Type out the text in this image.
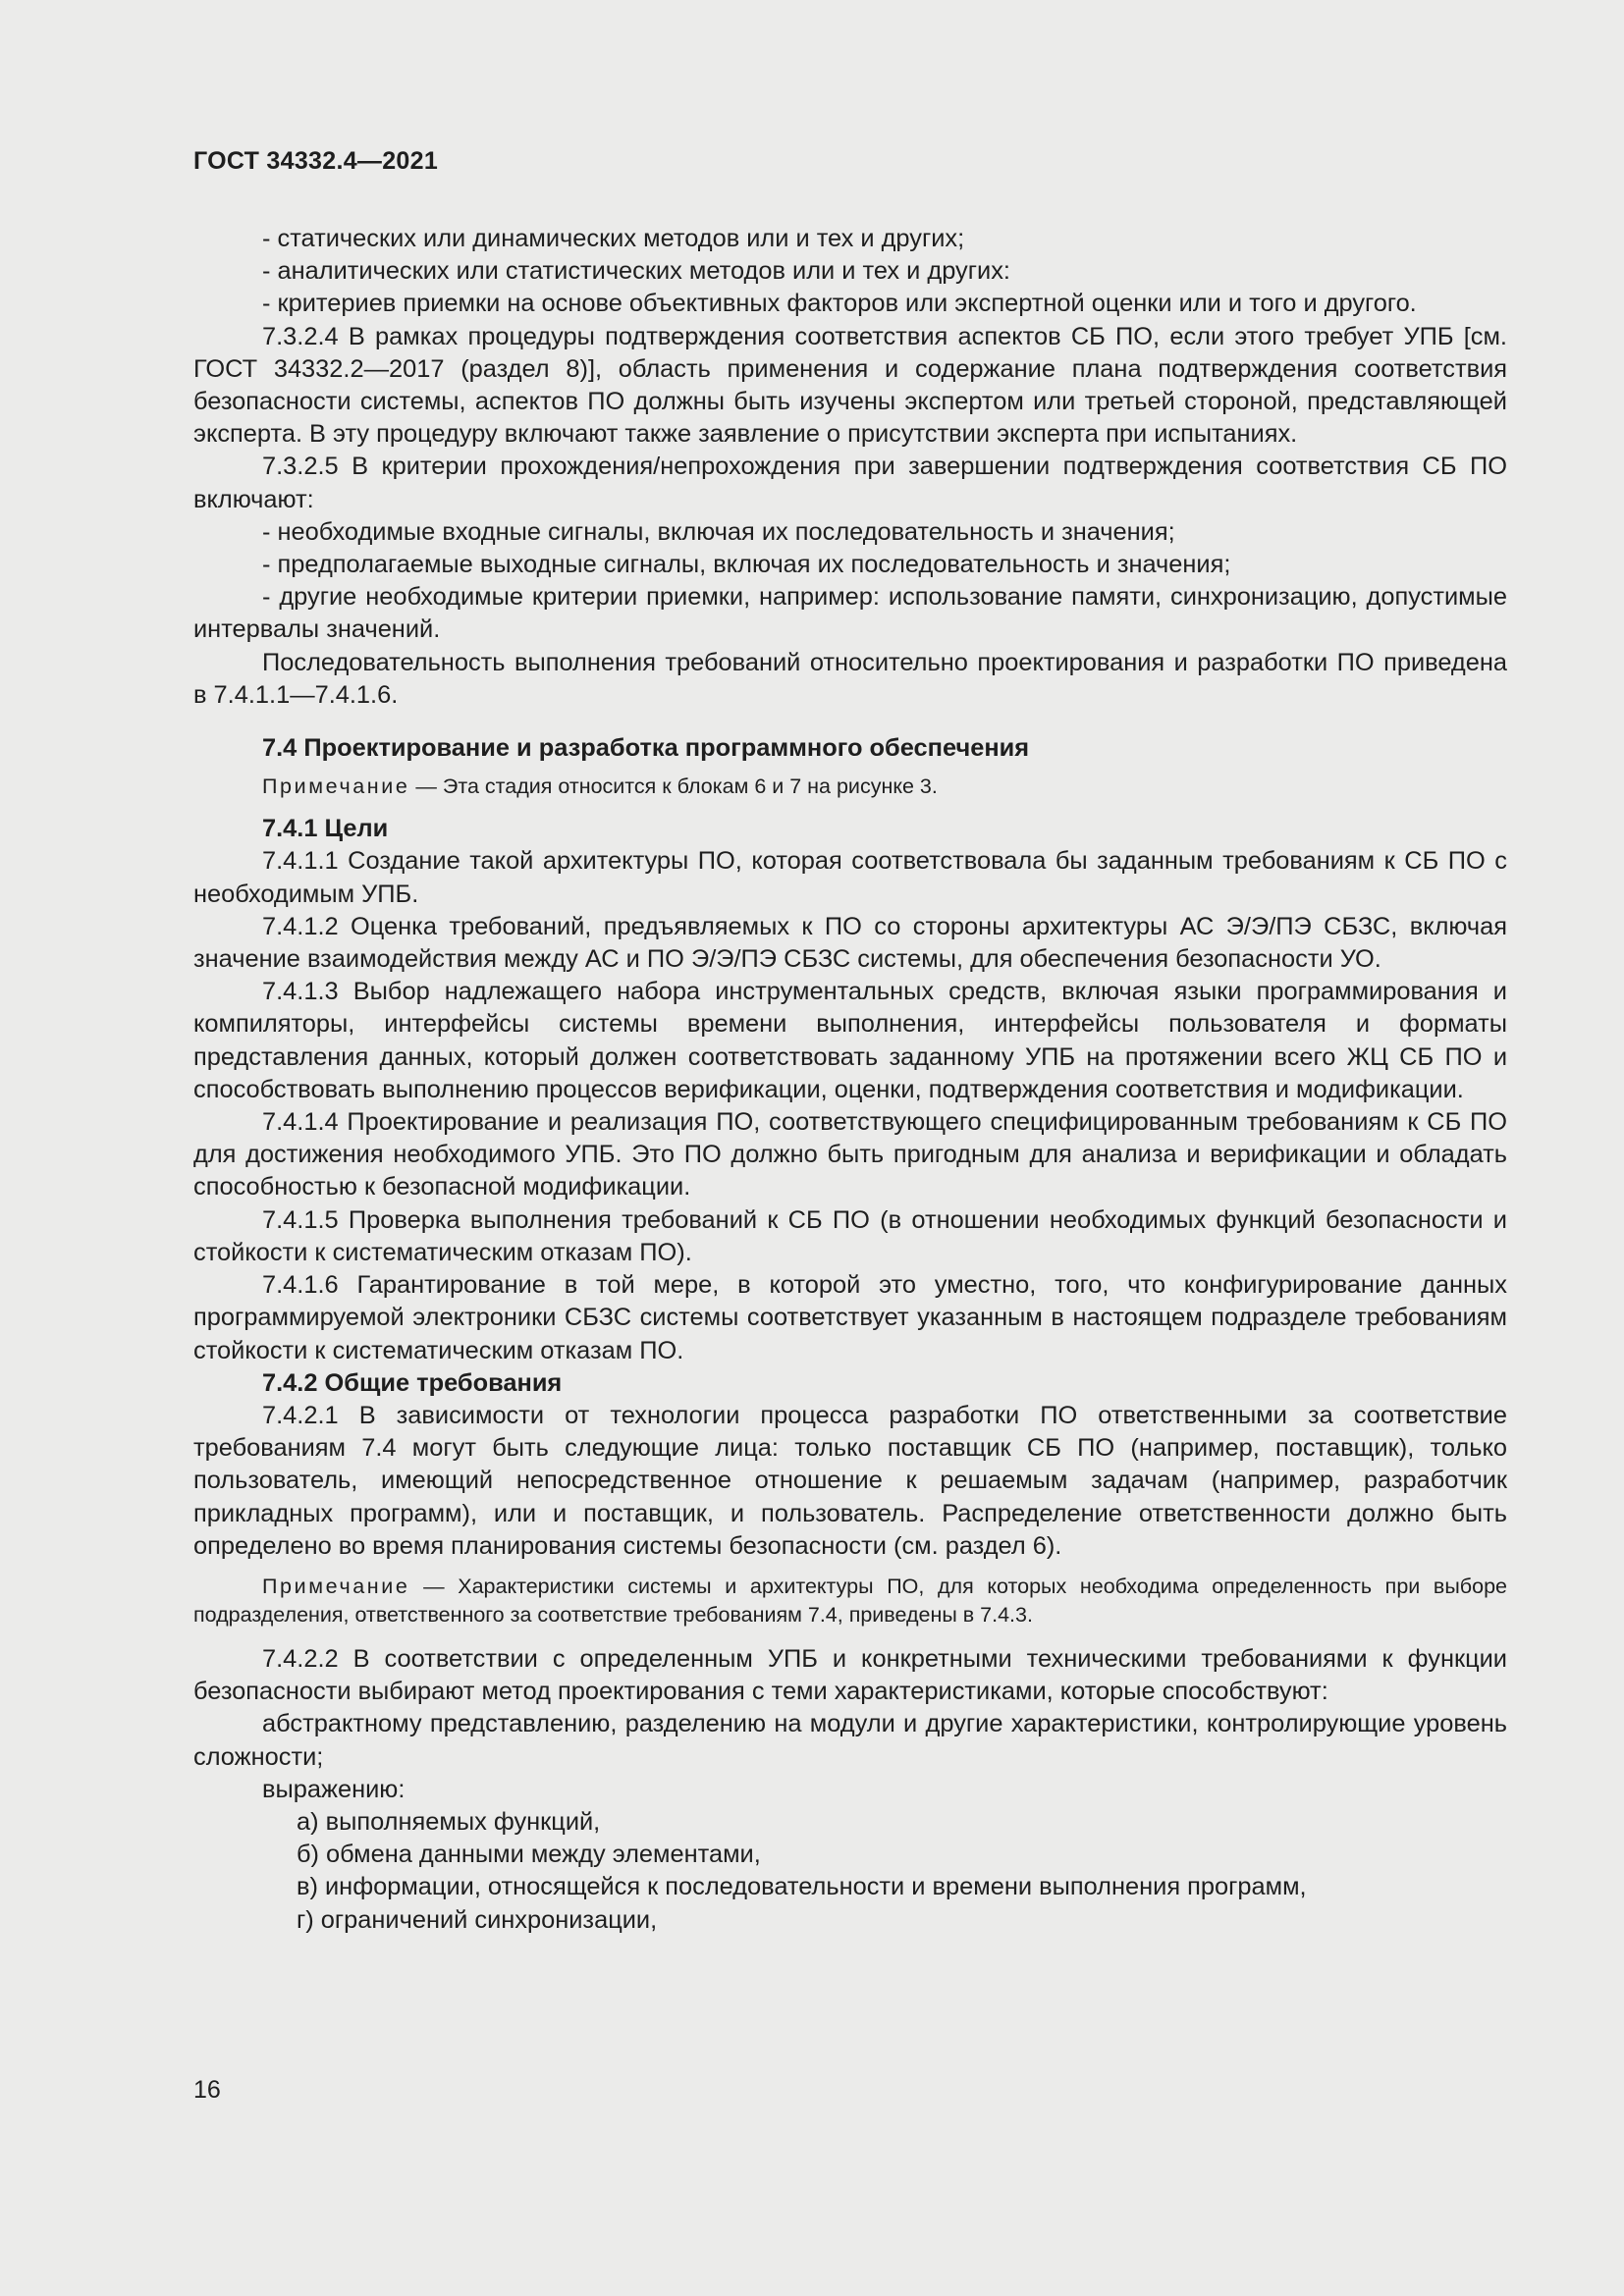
ГОСТ 34332.4—2021

- статических или динамических методов или и тех и других;

- аналитических или статистических методов или и тех и других:

- критериев приемки на основе объективных факторов или экспертной оценки или и того и другого.

7.3.2.4 В рамках процедуры подтверждения соответствия аспектов СБ ПО, если этого требует УПБ [см. ГОСТ 34332.2—2017 (раздел 8)], область применения и содержание плана подтверждения соответствия безопасности системы, аспектов ПО должны быть изучены экспертом или третьей стороной, представляющей эксперта. В эту процедуру включают также заявление о присутствии эксперта при испытаниях.

7.3.2.5 В критерии прохождения/непрохождения при завершении подтверждения соответствия СБ ПО включают:

- необходимые входные сигналы, включая их последовательность и значения;

- предполагаемые выходные сигналы, включая их последовательность и значения;

- другие необходимые критерии приемки, например: использование памяти, синхронизацию, допустимые интервалы значений.

Последовательность выполнения требований относительно проектирования и разработки ПО приведена в 7.4.1.1—7.4.1.6.

7.4 Проектирование и разработка программного обеспечения

Примечание — Эта стадия относится к блокам 6 и 7 на рисунке 3.

7.4.1 Цели

7.4.1.1 Создание такой архитектуры ПО, которая соответствовала бы заданным требованиям к СБ ПО с необходимым УПБ.

7.4.1.2 Оценка требований, предъявляемых к ПО со стороны архитектуры АС Э/Э/ПЭ СБЗС, включая значение взаимодействия между АС и ПО Э/Э/ПЭ СБЗС системы, для обеспечения безопасности УО.

7.4.1.3 Выбор надлежащего набора инструментальных средств, включая языки программирования и компиляторы, интерфейсы системы времени выполнения, интерфейсы пользователя и форматы представления данных, который должен соответствовать заданному УПБ на протяжении всего ЖЦ СБ ПО и способствовать выполнению процессов верификации, оценки, подтверждения соответствия и модификации.

7.4.1.4 Проектирование и реализация ПО, соответствующего специфицированным требованиям к СБ ПО для достижения необходимого УПБ. Это ПО должно быть пригодным для анализа и верификации и обладать способностью к безопасной модификации.

7.4.1.5 Проверка выполнения требований к СБ ПО (в отношении необходимых функций безопасности и стойкости к систематическим отказам ПО).

7.4.1.6 Гарантирование в той мере, в которой это уместно, того, что конфигурирование данных программируемой электроники СБЗС системы соответствует указанным в настоящем подразделе требованиям стойкости к систематическим отказам ПО.

7.4.2 Общие требования

7.4.2.1 В зависимости от технологии процесса разработки ПО ответственными за соответствие требованиям 7.4 могут быть следующие лица: только поставщик СБ ПО (например, поставщик), только пользователь, имеющий непосредственное отношение к решаемым задачам (например, разработчик прикладных программ), или и поставщик, и пользователь. Распределение ответственности должно быть определено во время планирования системы безопасности (см. раздел 6).

Примечание — Характеристики системы и архитектуры ПО, для которых необходима определенность при выборе подразделения, ответственного за соответствие требованиям 7.4, приведены в 7.4.3.

7.4.2.2 В соответствии с определенным УПБ и конкретными техническими требованиями к функции безопасности выбирают метод проектирования с теми характеристиками, которые способствуют:

абстрактному представлению, разделению на модули и другие характеристики, контролирующие уровень сложности;

выражению:

а) выполняемых функций,

б) обмена данными между элементами,

в) информации, относящейся к последовательности и времени выполнения программ,

г) ограничений синхронизации,

16
